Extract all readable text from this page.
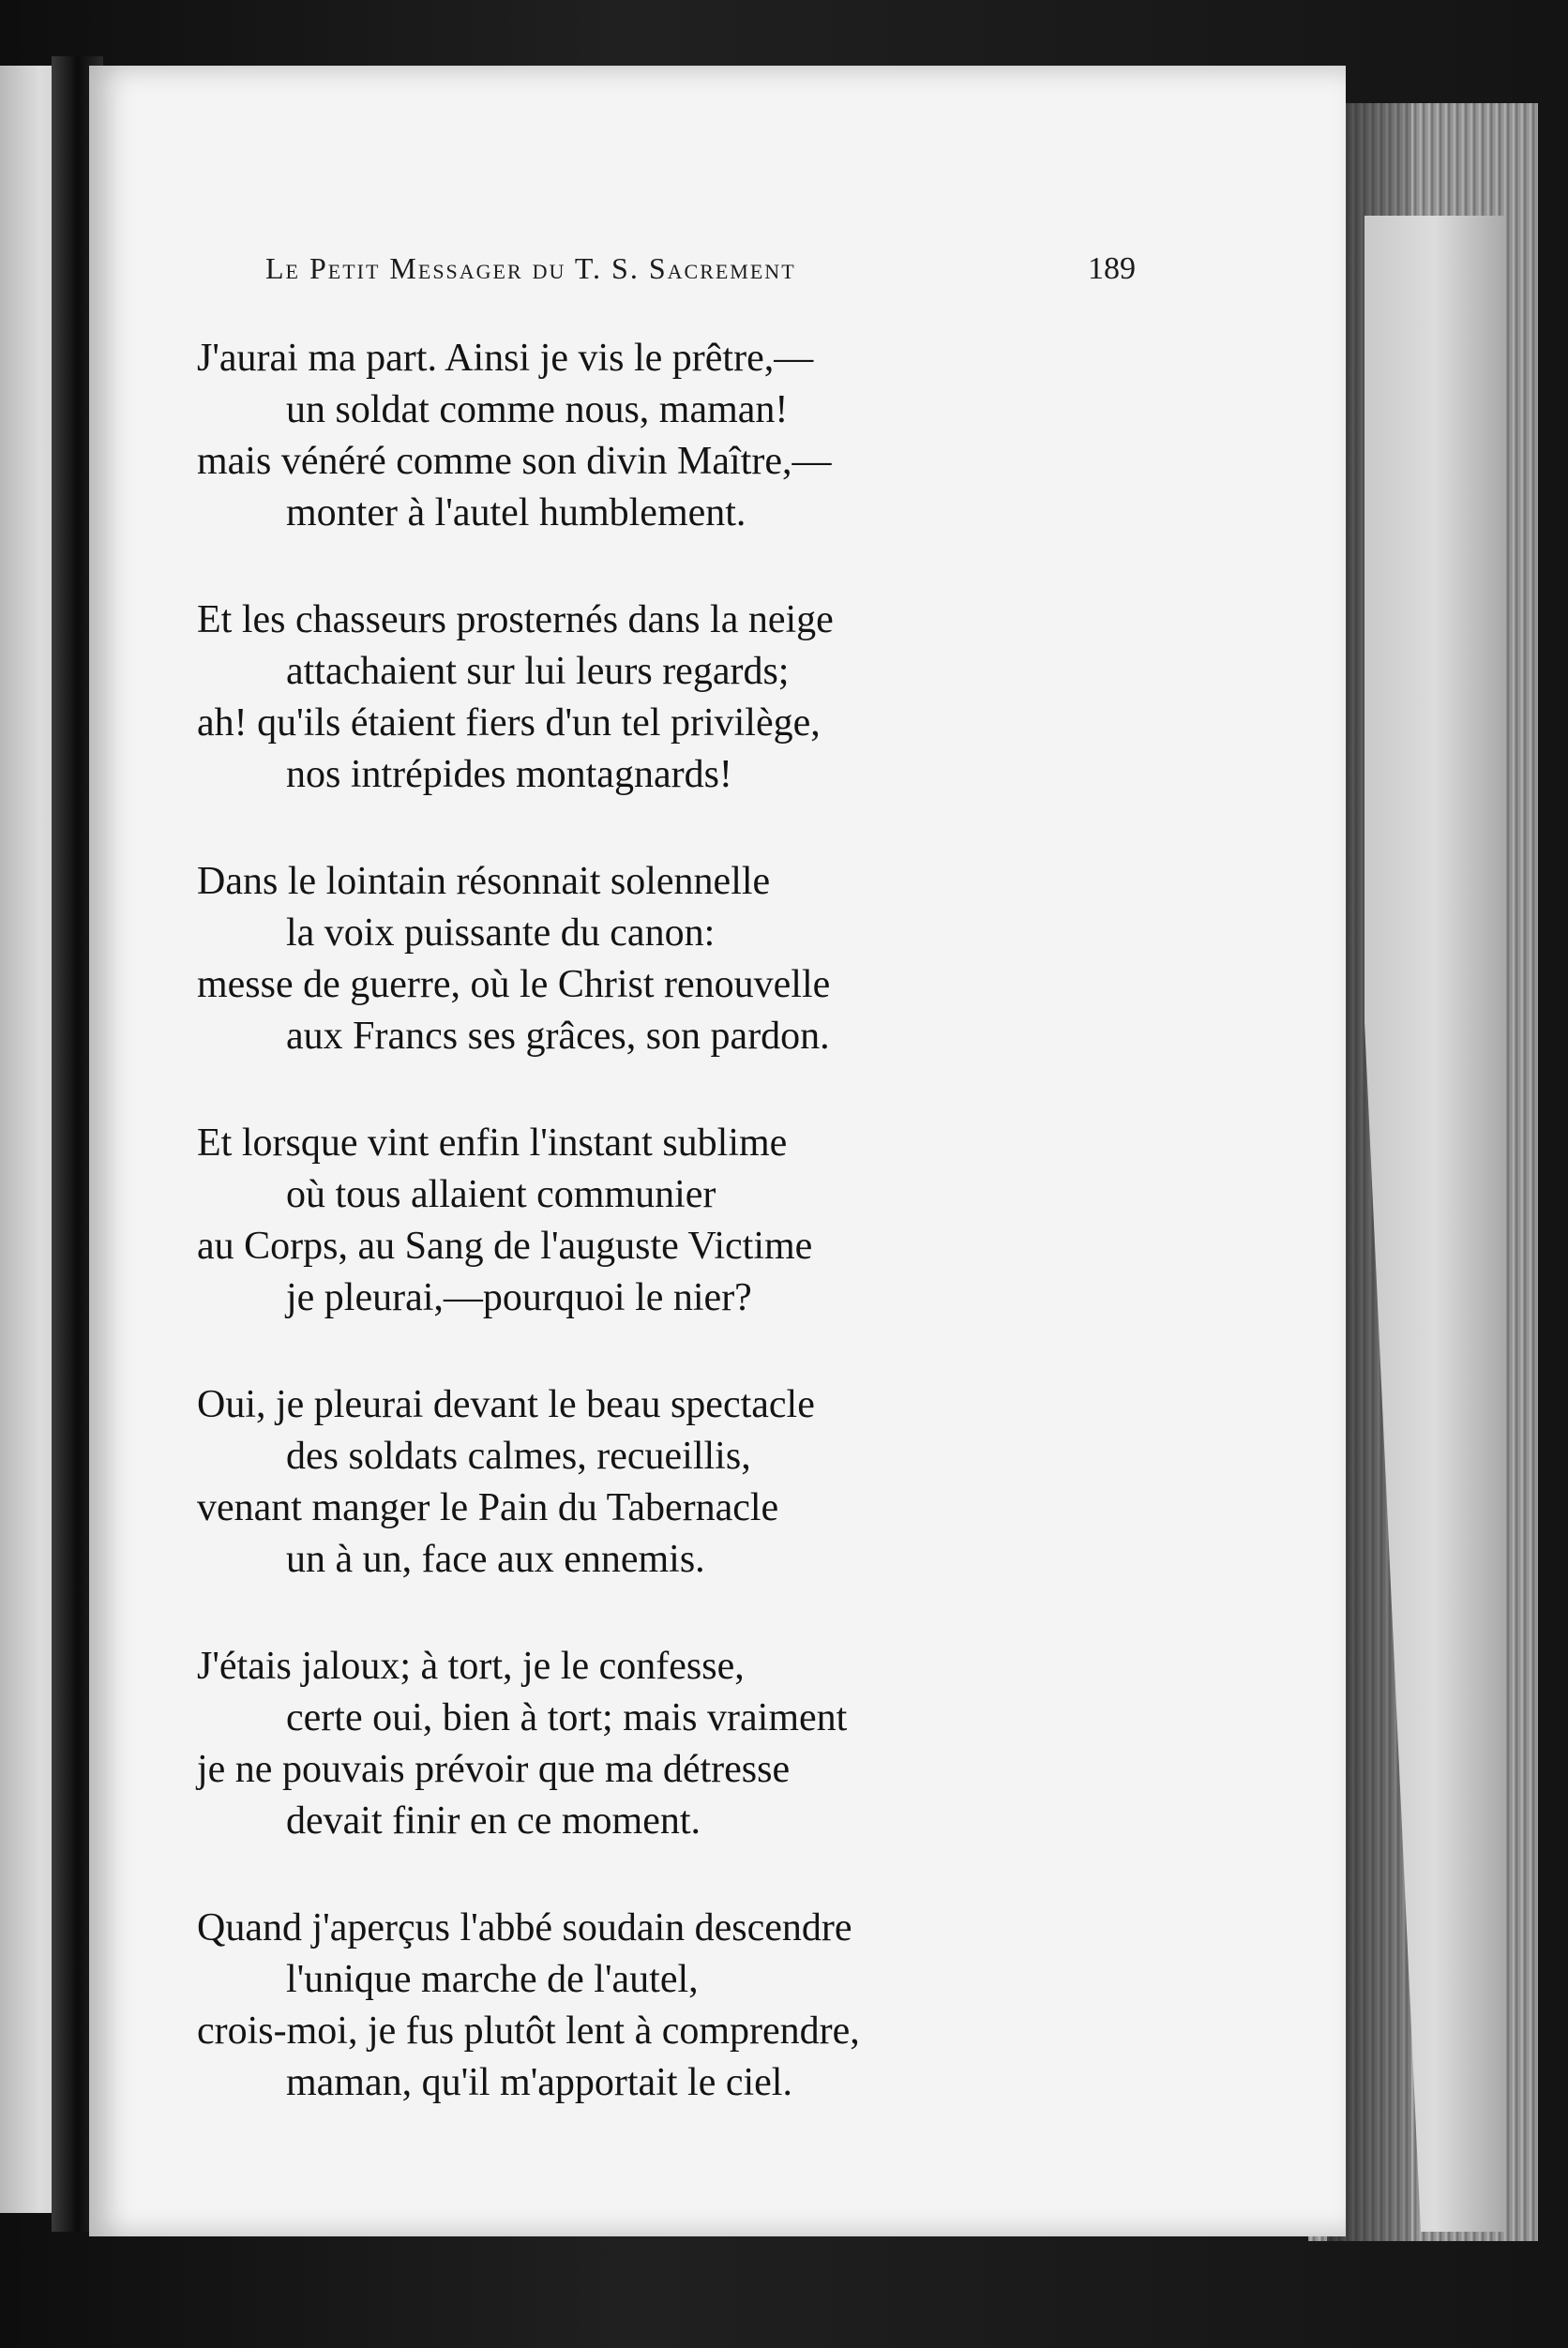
Le Petit Messager du T. S. Sacrement	189
J'aurai ma part. Ainsi je vis le prêtre,—
un soldat comme nous, maman!
mais vénéré comme son divin Maître,—
monter à l'autel humblement.
Et les chasseurs prosternés dans la neige
attachaient sur lui leurs regards;
ah! qu'ils étaient fiers d'un tel privilège,
nos intrépides montagnards!
Dans le lointain résonnait solennelle
la voix puissante du canon:
messe de guerre, où le Christ renouvelle
aux Francs ses grâces, son pardon.
Et lorsque vint enfin l'instant sublime
où tous allaient communier
au Corps, au Sang de l'auguste Victime
je pleurai,—pourquoi le nier?
Oui, je pleurai devant le beau spectacle
des soldats calmes, recueillis,
venant manger le Pain du Tabernacle
un à un, face aux ennemis.
J'étais jaloux; à tort, je le confesse,
certe oui, bien à tort; mais vraiment
je ne pouvais prévoir que ma détresse
devait finir en ce moment.
Quand j'aperçus l'abbé soudain descendre
l'unique marche de l'autel,
crois-moi, je fus plutôt lent à comprendre,
maman, qu'il m'apportait le ciel.
